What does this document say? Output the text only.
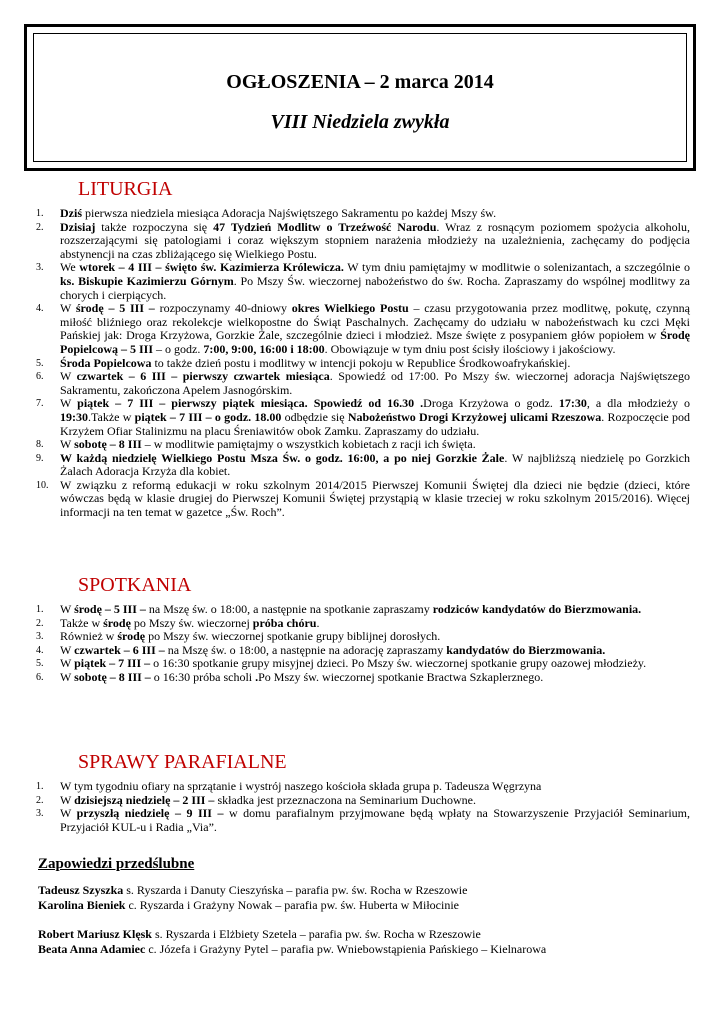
OGŁOSZENIA – 2 marca 2014
VIII Niedziela zwykła
LITURGIA
1.	Dziś pierwsza niedziela miesiąca Adoracja Najświętszego Sakramentu po każdej Mszy św.
2.	Dzisiaj także rozpoczyna się 47 Tydzień Modlitw o Trzeźwość Narodu. Wraz z rosnącym poziomem spożycia alkoholu, rozszerzającymi się patologiami i coraz większym stopniem narażenia młodzieży na uzależnienia, zachęcamy do podjęcia abstynencji na czas zbliżającego się Wielkiego Postu.
3.	We wtorek – 4 III – święto św. Kazimierza Królewicza. W tym dniu pamiętajmy w modlitwie o solenizantach, a szczególnie o ks. Biskupie Kazimierzu Górnym. Po Mszy Św. wieczornej nabożeństwo do św. Rocha. Zapraszamy do wspólnej modlitwy za chorych i cierpiących.
4.	W środę – 5 III – rozpoczynamy 40-dniowy okres Wielkiego Postu – czasu przygotowania przez modlitwę, pokutę, czynną miłość bliźniego oraz rekolekcje wielkopostne do Świąt Paschalnych. Zachęcamy do udziału w nabożeństwach ku czci Męki Pańskiej jak: Droga Krzyżowa, Gorzkie Żale, szczególnie dzieci i młodzież. Msze święte z posypaniem głów popiołem w Środę Popielcową – 5 III – o godz. 7:00, 9:00, 16:00 i 18:00. Obowiązuje w tym dniu post ścisły ilościowy i jakościowy.
5.	Środa Popielcowa to także dzień postu i modlitwy w intencji pokoju w Republice Środkowoafrykańskiej.
6.	W czwartek – 6 III – pierwszy czwartek miesiąca. Spowiedź od 17:00. Po Mszy św. wieczornej adoracja Najświętszego Sakramentu, zakończona Apelem Jasnogórskim.
7.	W piątek – 7 III – pierwszy piątek miesiąca. Spowiedź od 16.30 .Droga Krzyżowa o godz. 17:30, a dla młodzieży o 19:30.Także w piątek – 7 III – o godz. 18.00 odbędzie się Nabożeństwo Drogi Krzyżowej ulicami Rzeszowa. Rozpoczęcie pod Krzyżem Ofiar Stalinizmu na placu Śreniawitów obok Zamku. Zapraszamy do udziału.
8.	W sobotę – 8 III – w modlitwie pamiętajmy o wszystkich kobietach z racji ich święta.
9.	W każdą niedzielę Wielkiego Postu Msza Św. o godz. 16:00, a po niej Gorzkie Żale. W najbliższą niedzielę po Gorzkich Żalach Adoracja Krzyża dla kobiet.
10. W związku z reformą edukacji w roku szkolnym 2014/2015 Pierwszej Komunii Świętej dla dzieci nie będzie (dzieci, które wówczas będą w klasie drugiej do Pierwszej Komunii Świętej przystąpią w klasie trzeciej w roku szkolnym 2015/2016). Więcej informacji na ten temat w gazetce „Św. Roch”.
SPOTKANIA
1.	W środę – 5 III – na Mszę św. o 18:00, a następnie na spotkanie zapraszamy rodziców kandydatów do Bierzmowania.
2.	Także w środę po Mszy św. wieczornej próba chóru.
3.	Również w środę po Mszy św. wieczornej spotkanie grupy biblijnej dorosłych.
4.	W czwartek – 6 III – na Mszę św. o 18:00, a następnie na adorację zapraszamy kandydatów do Bierzmowania.
5.	W piątek – 7 III – o 16:30 spotkanie grupy misyjnej dzieci. Po Mszy św. wieczornej spotkanie grupy oazowej młodzieży.
6.	W sobotę – 8 III – o 16:30 próba scholi .Po Mszy św. wieczornej spotkanie Bractwa Szkaplerznego.
SPRAWY PARAFIALNE
1.	W tym tygodniu ofiary na sprzątanie i wystrój naszego kościoła składa grupa p. Tadeusza Węgrzyna
2.	W dzisiejszą niedzielę – 2 III – składka jest przeznaczona na Seminarium Duchowne.
3.	W przyszłą niedzielę – 9 III – w domu parafialnym przyjmowane będą wpłaty na Stowarzyszenie Przyjaciół Seminarium, Przyjaciół KUL-u i Radia „Via”.
Zapowiedzi przedślubne

Tadeusz Szyszka s. Ryszarda i Danuty Cieszyńska – parafia pw. św. Rocha w Rzeszowie

Karolina Bieniek c. Ryszarda i Grażyny Nowak – parafia pw. św. Huberta w Miłocinie

Robert Mariusz Klęsk s. Ryszarda i Elżbiety Szetela – parafia pw. św. Rocha w Rzeszowie

Beata Anna Adamiec c. Józefa i Grażyny Pytel – parafia pw. Wniebowstąpienia Pańskiego – Kielnarowa
